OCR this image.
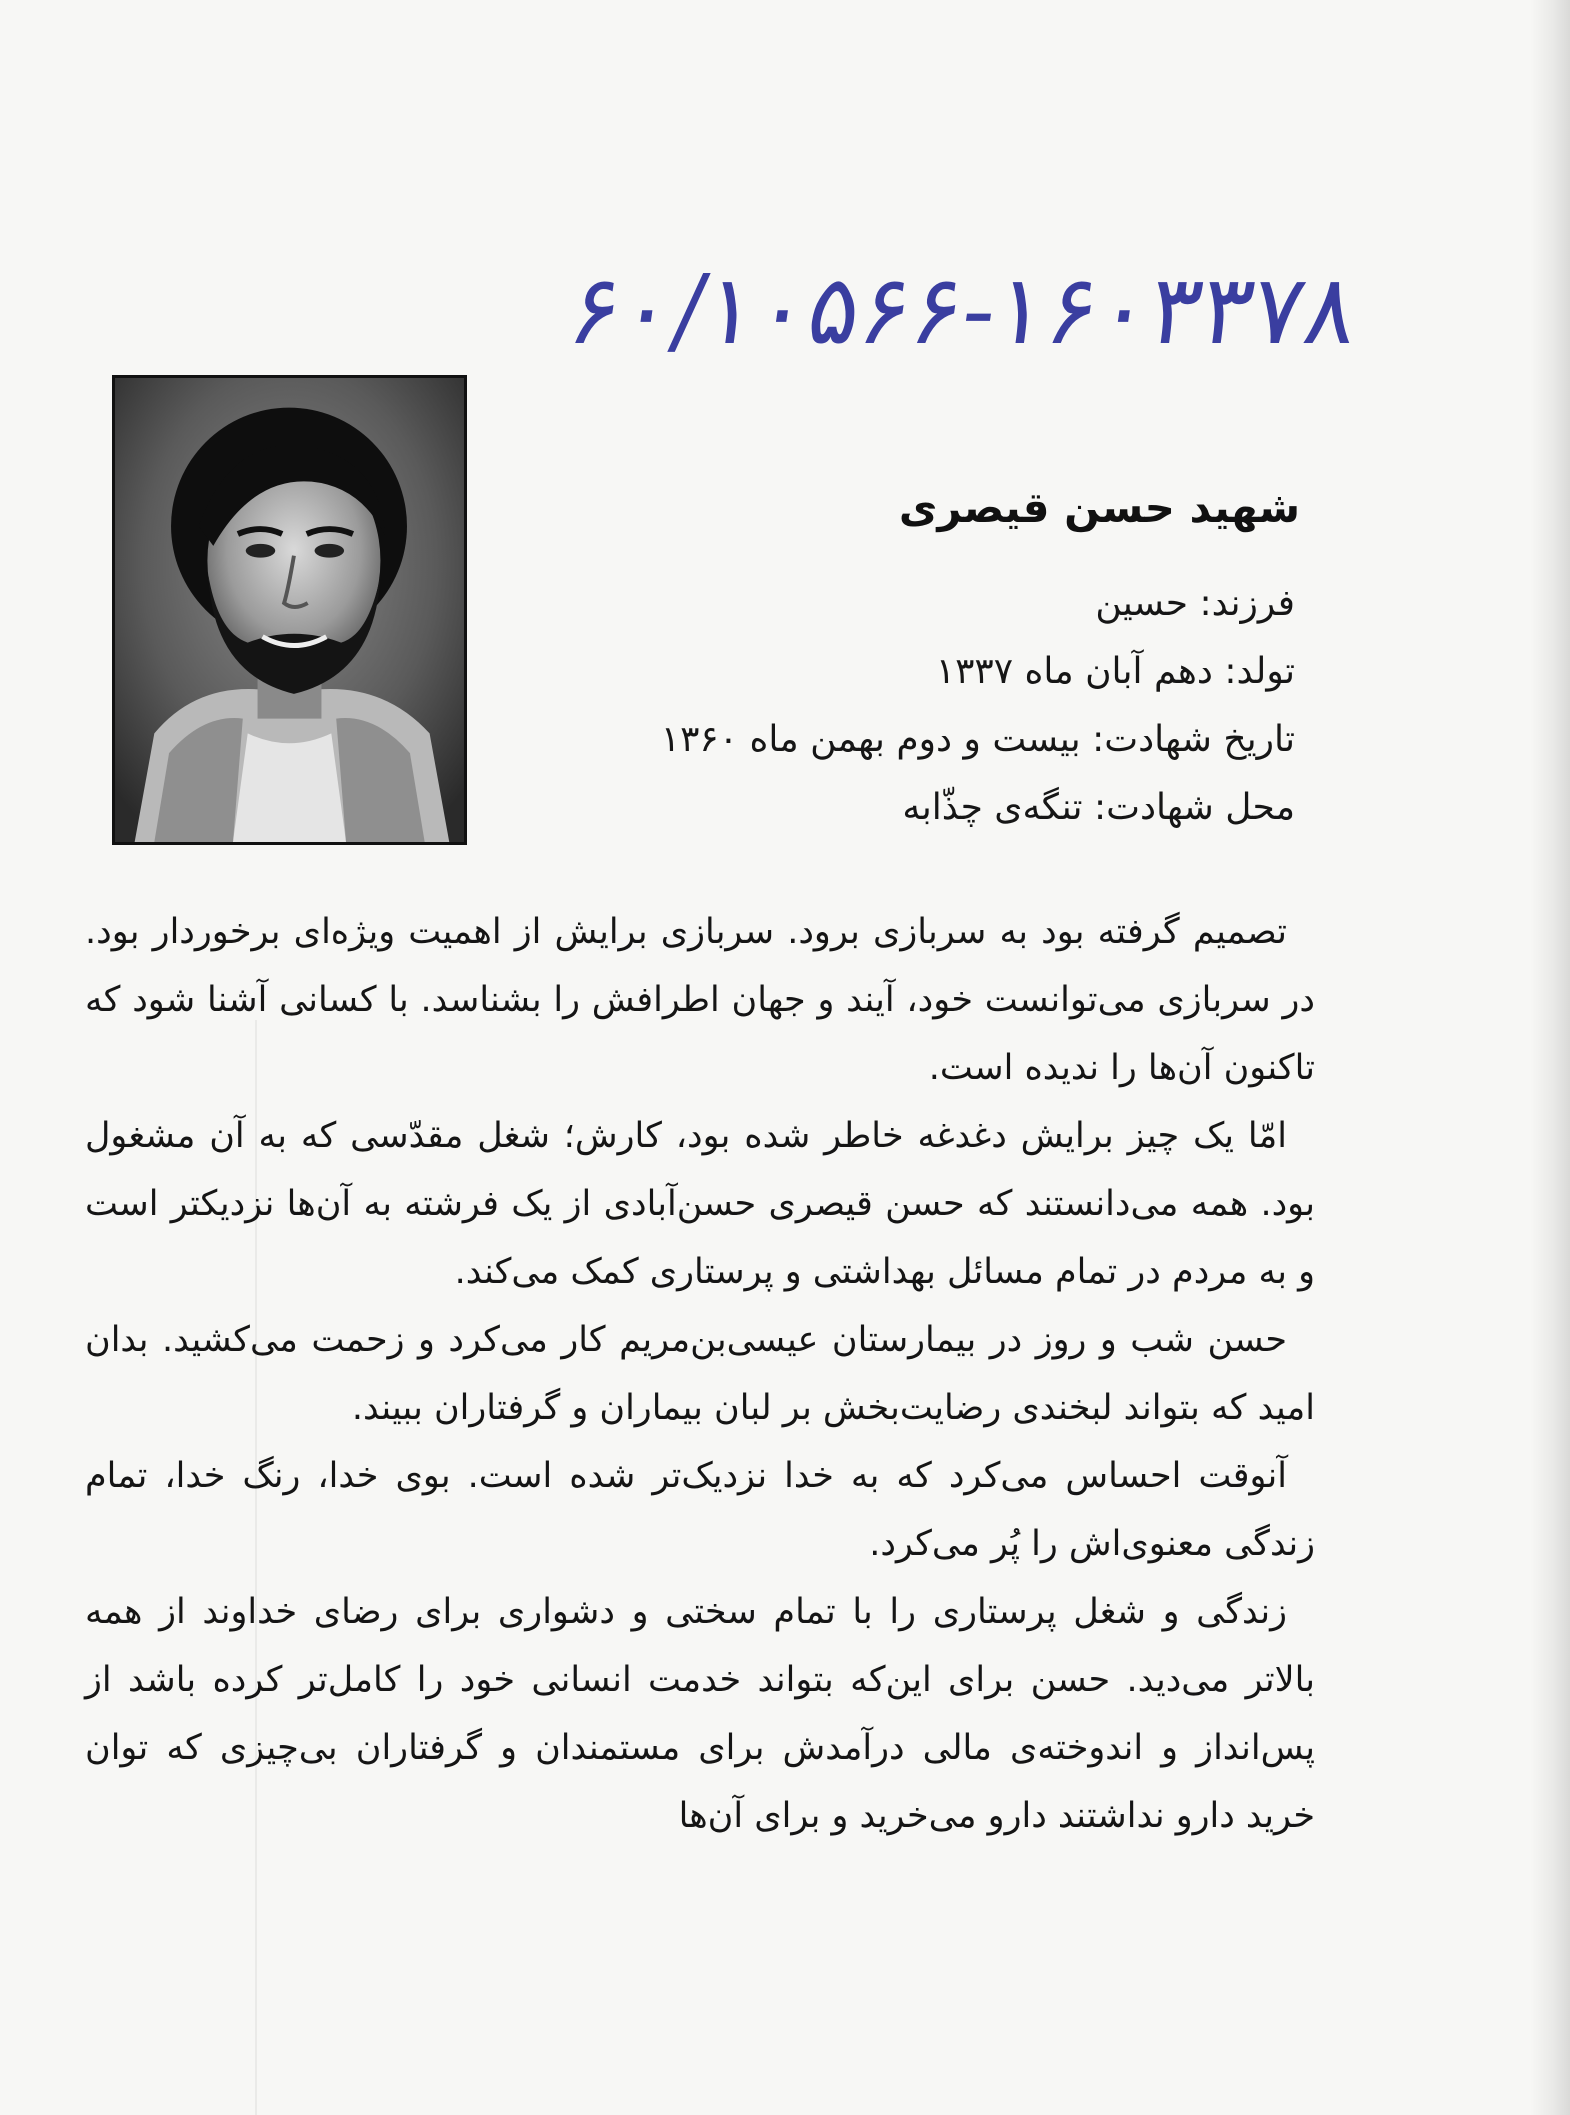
۶۰/۱۰۵۶۶-۱۶۰۳۳۷۸
شهید حسن قیصری
فرزند: حسین
تولد: دهم آبان ماه ۱۳۳۷
تاریخ شهادت: بیست و دوم بهمن ماه ۱۳۶۰
محل شهادت: تنگه‌ی چذّابه

تصمیم گرفته بود به سربازی برود. سربازی برایش از اهمیت ویژه‌ای برخوردار بود. در سربازی می‌توانست خود، آیند و جهان اطرافش را بشناسد. با کسانی آشنا شود که تاکنون آن‌ها را ندیده است.

امّا یک چیز برایش دغدغه خاطر شده بود، کارش؛ شغل مقدّسی که به آن مشغول بود. همه می‌دانستند که حسن قیصری حسن‌آبادی از یک فرشته به آن‌ها نزدیکتر است و به مردم در تمام مسائل بهداشتی و پرستاری کمک می‌کند.

حسن شب و روز در بیمارستان عیسی‌بن‌مریم کار می‌کرد و زحمت می‌کشید. بدان امید که بتواند لبخندی رضایت‌بخش بر لبان بیماران و گرفتاران ببیند.

آنوقت احساس می‌کرد که به خدا نزدیک‌تر شده است. بوی خدا، رنگ خدا، تمام زندگی معنوی‌اش را پُر می‌کرد.

زندگی و شغل پرستاری را با تمام سختی و دشواری برای رضای خداوند از همه بالاتر می‌دید. حسن برای این‌که بتواند خدمت انسانی خود را کامل‌تر کرده باشد از پس‌انداز و اندوخته‌ی مالی درآمدش برای مستمندان و گرفتاران بی‌چیزی که توان خرید دارو نداشتند دارو می‌خرید و برای آن‌ها
